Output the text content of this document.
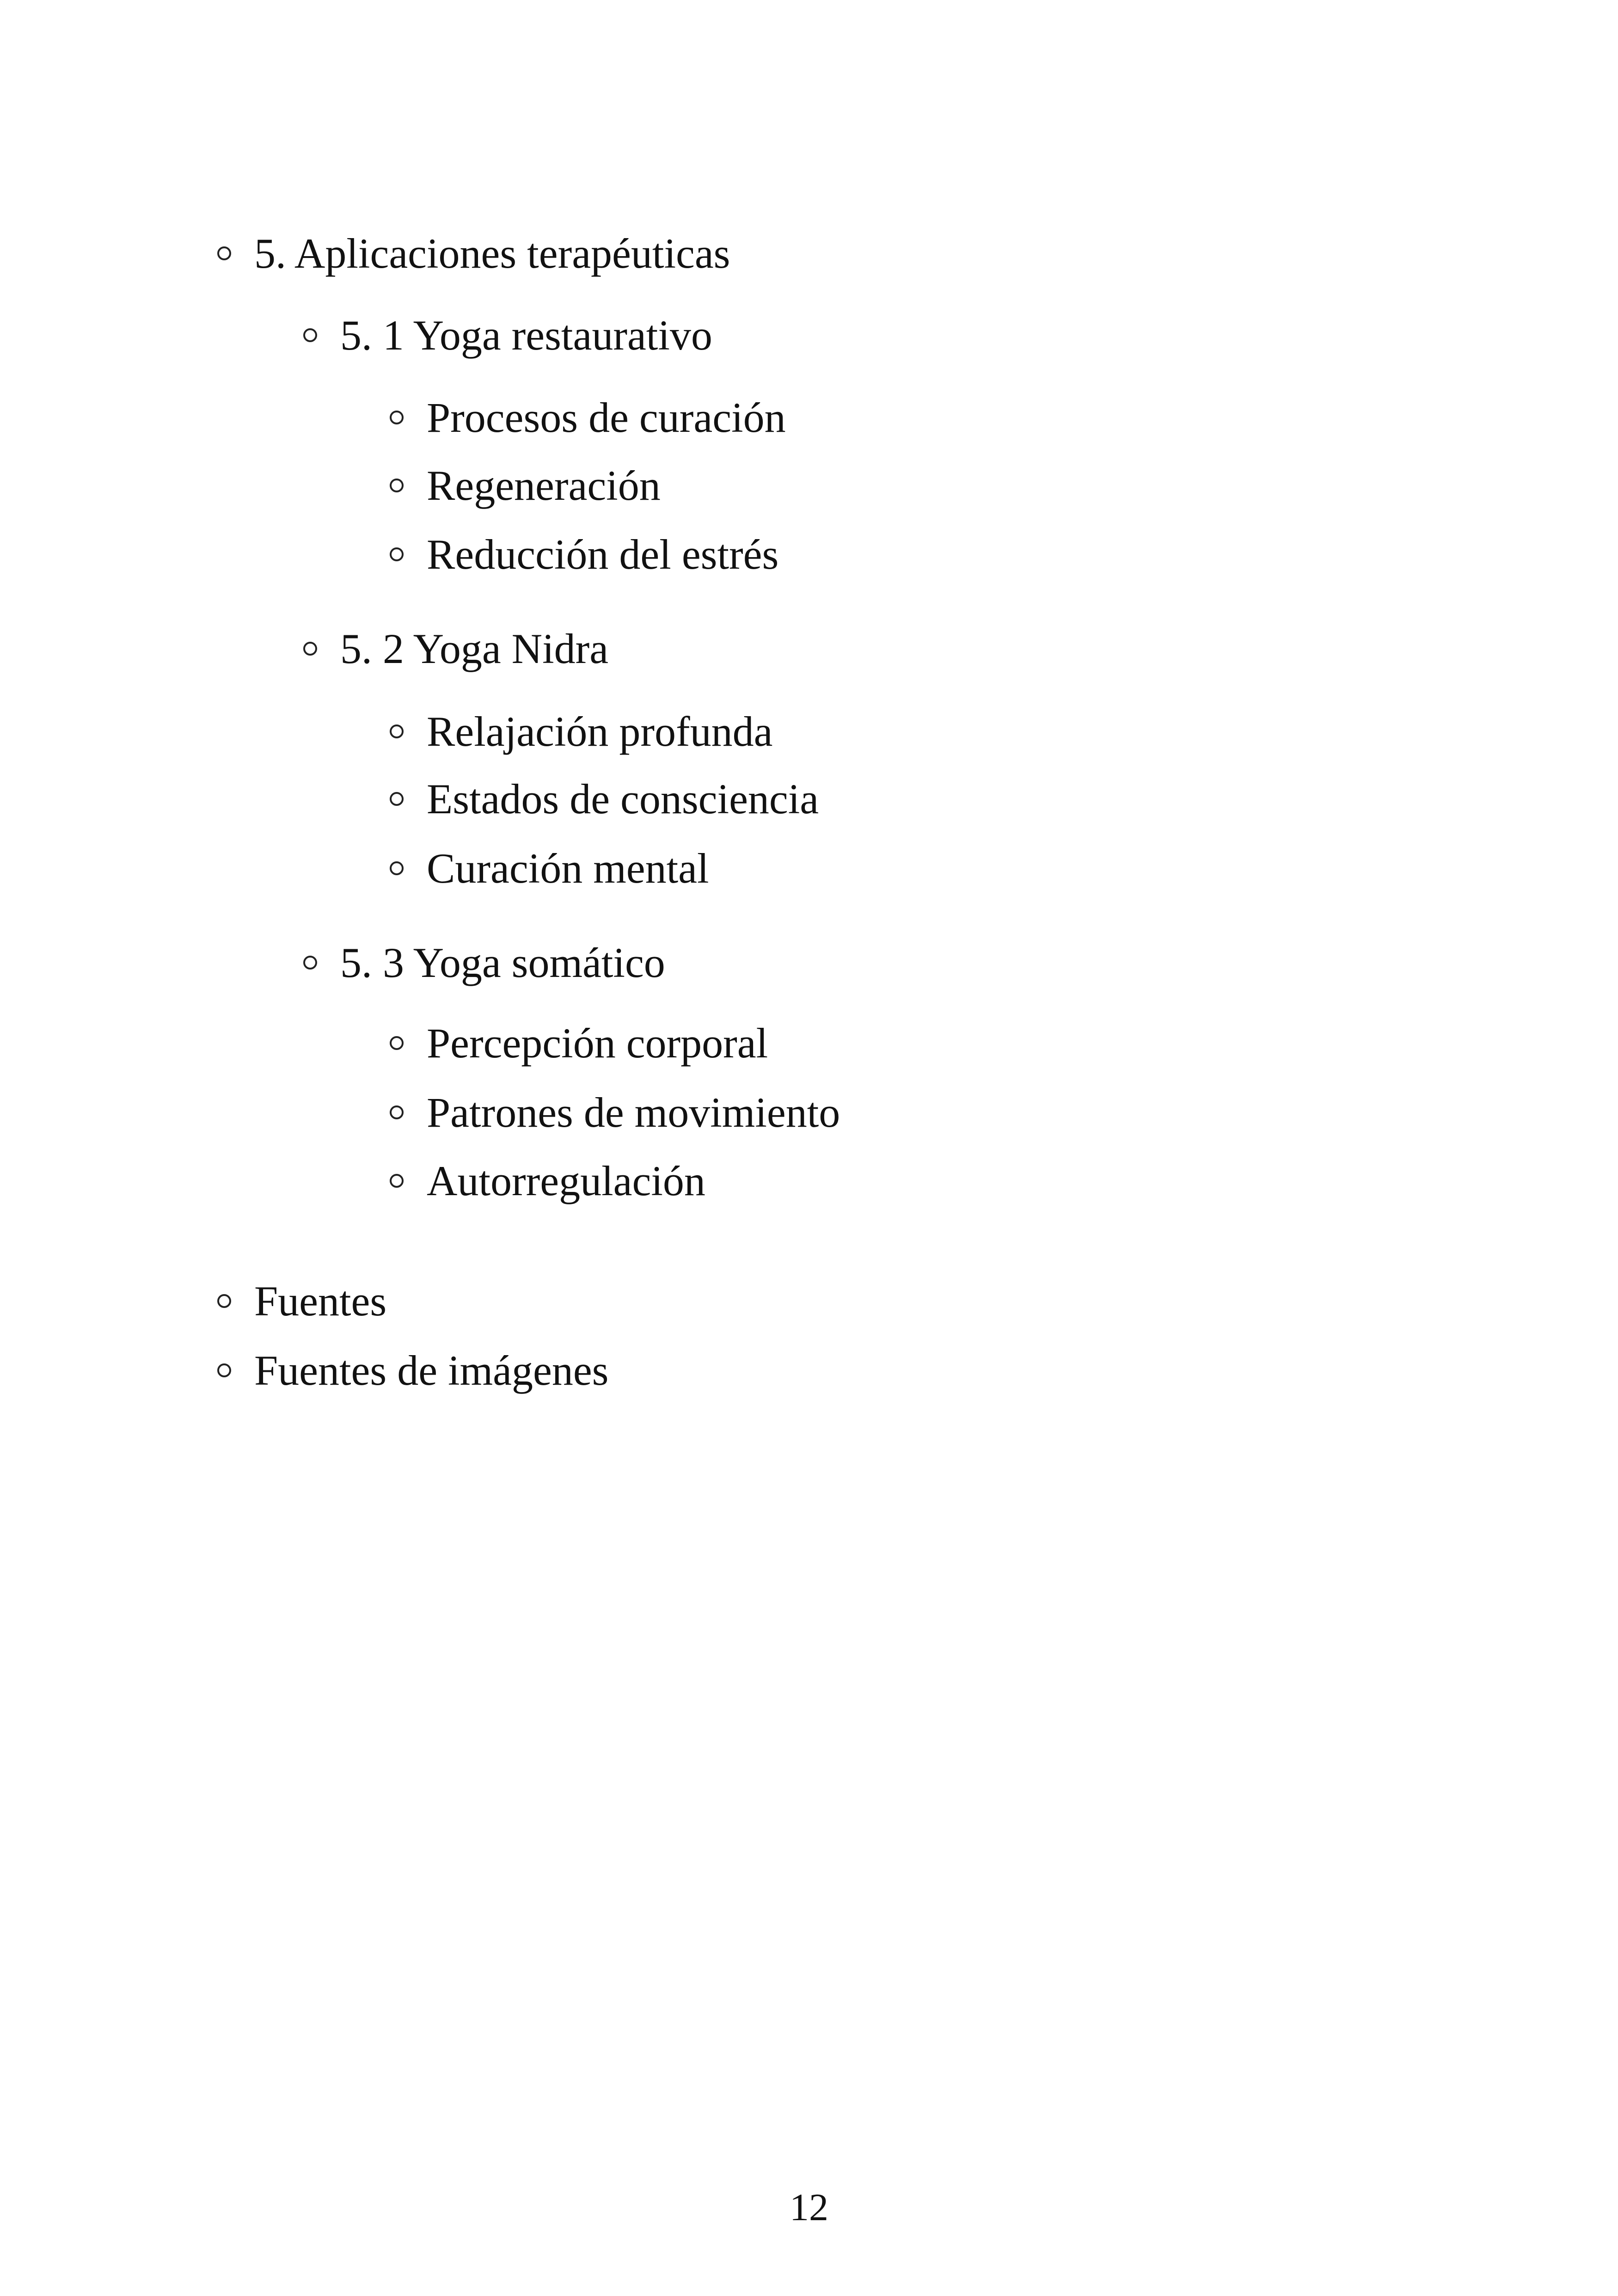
5. Aplicaciones terapéuticas
5. 1 Yoga restaurativo
Procesos de curación
Regeneración
Reducción del estrés
5. 2 Yoga Nidra
Relajación profunda
Estados de consciencia
Curación mental
5. 3 Yoga somático
Percepción corporal
Patrones de movimiento
Autorregulación
Fuentes
Fuentes de imágenes
12
